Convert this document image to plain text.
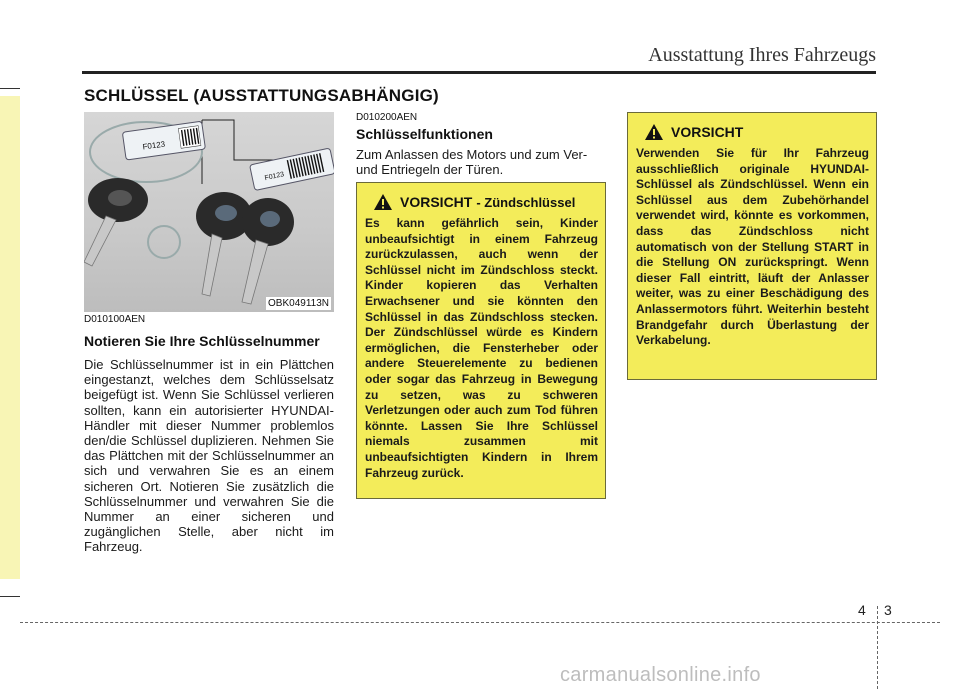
Ausstattung Ihres Fahrzeugs
SCHLÜSSEL (AUSSTATTUNGSABHÄNGIG)
F0123
F0123
OBK049113N
D010100AEN
Notieren Sie Ihre Schlüsselnummer
Die Schlüsselnummer ist in ein Plättchen eingestanzt, welches dem Schlüsselsatz beigefügt ist. Wenn Sie Schlüssel verlieren sollten, kann ein autorisierter HYUNDAI-Händler mit dieser Nummer problemlos den/die Schlüssel duplizieren. Nehmen Sie das Plättchen mit der Schlüsselnummer an sich und verwahren Sie es an einem sicheren Ort. Notieren Sie zusätzlich die Schlüsselnummer und verwahren Sie die Nummer an einer sicheren und zugänglichen Stelle, aber nicht im Fahrzeug.
D010200AEN
Schlüsselfunktionen
Zum Anlassen des Motors und zum Ver- und Entriegeln der Türen.
VORSICHT - Zündschlüssel
Es kann gefährlich sein, Kinder unbeaufsichtigt in einem Fahrzeug zurückzulassen, auch wenn der Schlüssel nicht im Zündschloss steckt. Kinder kopieren das Verhalten Erwachsener und sie könnten den Schlüssel in das Zündschloss stecken. Der Zündschlüssel würde es Kindern ermöglichen, die Fensterheber oder andere Steuerelemente zu bedienen oder sogar das Fahrzeug in Bewegung zu setzen, was zu schweren Verletzungen oder auch zum Tod führen könnte. Lassen Sie Ihre Schlüssel niemals zusammen mit unbeaufsichtigten Kindern in Ihrem Fahrzeug zurück.
VORSICHT
Verwenden Sie für Ihr Fahrzeug ausschließlich originale HYUNDAI-Schlüssel als Zündschlüssel. Wenn ein Schlüssel aus dem Zubehörhandel verwendet wird, könnte es vorkommen, dass das Zündschloss nicht automatisch von der Stellung START in die Stellung ON zurückspringt. Wenn dieser Fall eintritt, läuft der Anlasser weiter, was zu einer Beschädigung des Anlassermotors führt. Weiterhin besteht Brandgefahr durch Überlastung der Verkabelung.
4 3
carmanualsonline.info
